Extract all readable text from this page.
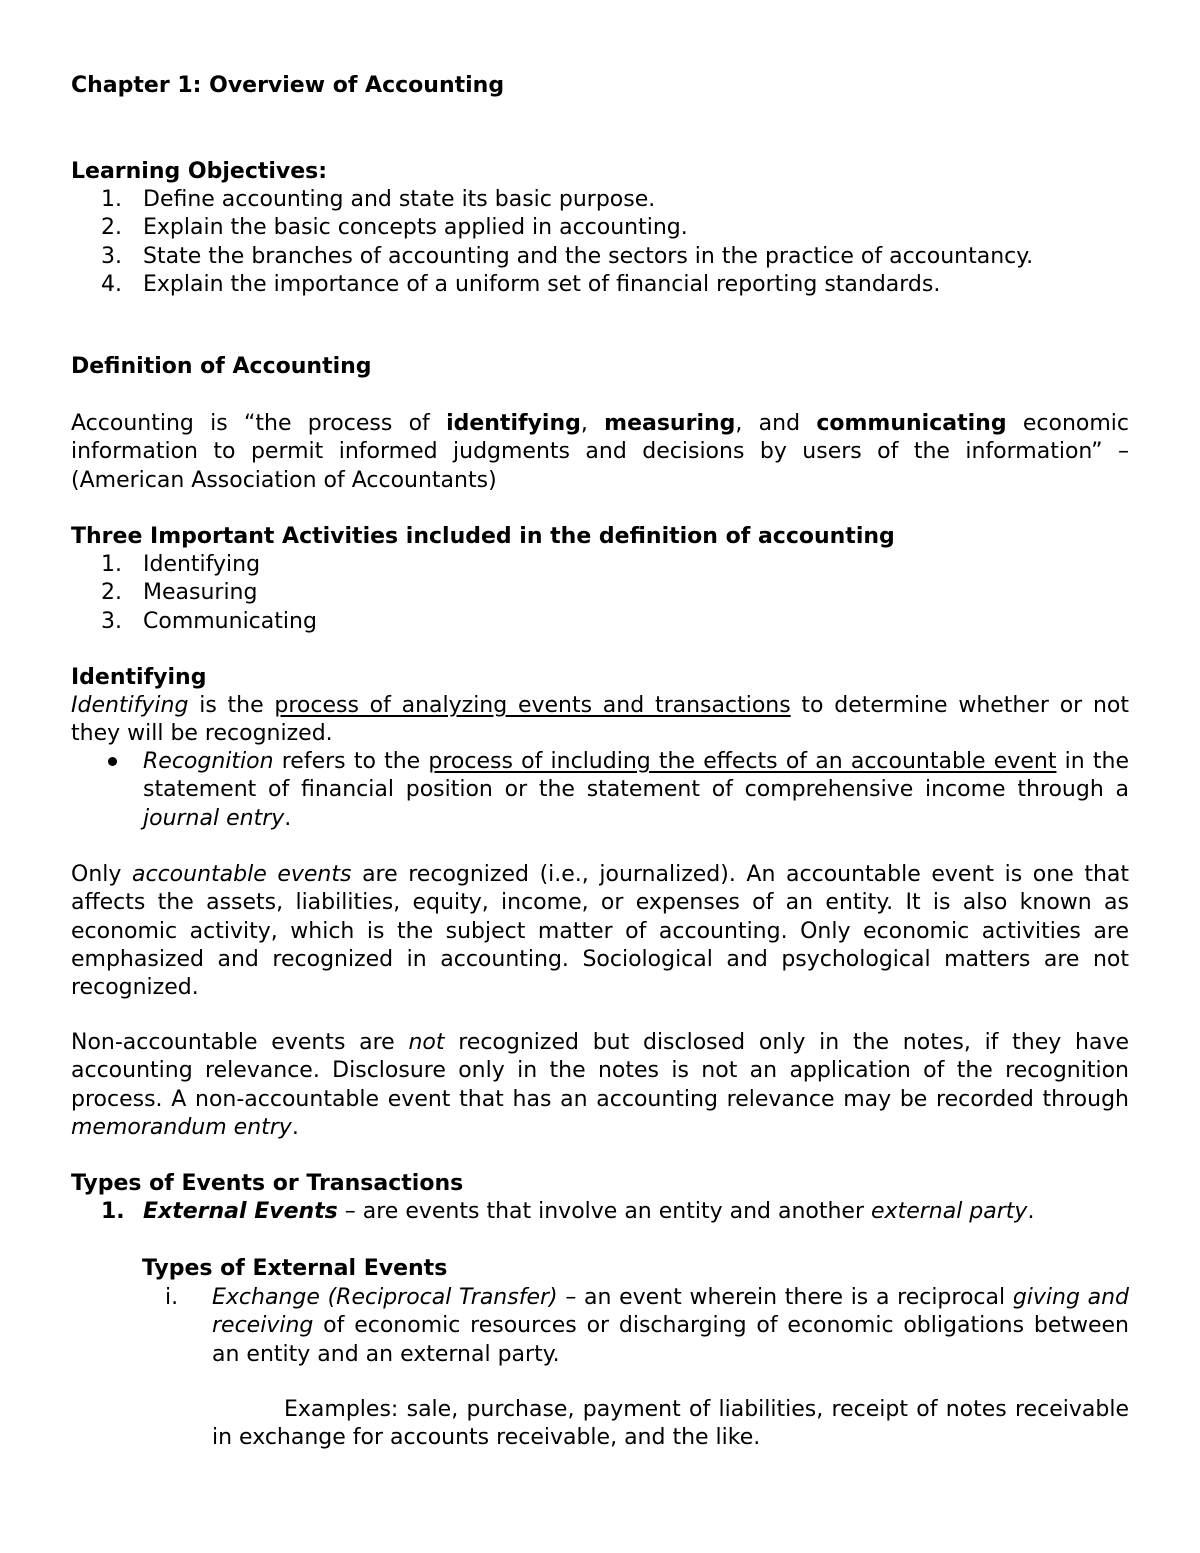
Chapter 1: Overview of Accounting
Learning Objectives:
1. Define accounting and state its basic purpose.
2. Explain the basic concepts applied in accounting.
3. State the branches of accounting and the sectors in the practice of accountancy.
4. Explain the importance of a uniform set of financial reporting standards.
Definition of Accounting
Accounting is “the process of identifying, measuring, and communicating economic information to permit informed judgments and decisions by users of the information” – (American Association of Accountants)
Three Important Activities included in the definition of accounting
1. Identifying
2. Measuring
3. Communicating
Identifying
Identifying is the process of analyzing events and transactions to determine whether or not they will be recognized.
Recognition refers to the process of including the effects of an accountable event in the statement of financial position or the statement of comprehensive income through a journal entry.
Only accountable events are recognized (i.e., journalized). An accountable event is one that affects the assets, liabilities, equity, income, or expenses of an entity. It is also known as economic activity, which is the subject matter of accounting. Only economic activities are emphasized and recognized in accounting. Sociological and psychological matters are not recognized.
Non-accountable events are not recognized but disclosed only in the notes, if they have accounting relevance. Disclosure only in the notes is not an application of the recognition process. A non-accountable event that has an accounting relevance may be recorded through memorandum entry.
Types of Events or Transactions
1. External Events – are events that involve an entity and another external party.
Types of External Events
i. Exchange (Reciprocal Transfer) – an event wherein there is a reciprocal giving and receiving of economic resources or discharging of economic obligations between an entity and an external party.
Examples: sale, purchase, payment of liabilities, receipt of notes receivable in exchange for accounts receivable, and the like.
